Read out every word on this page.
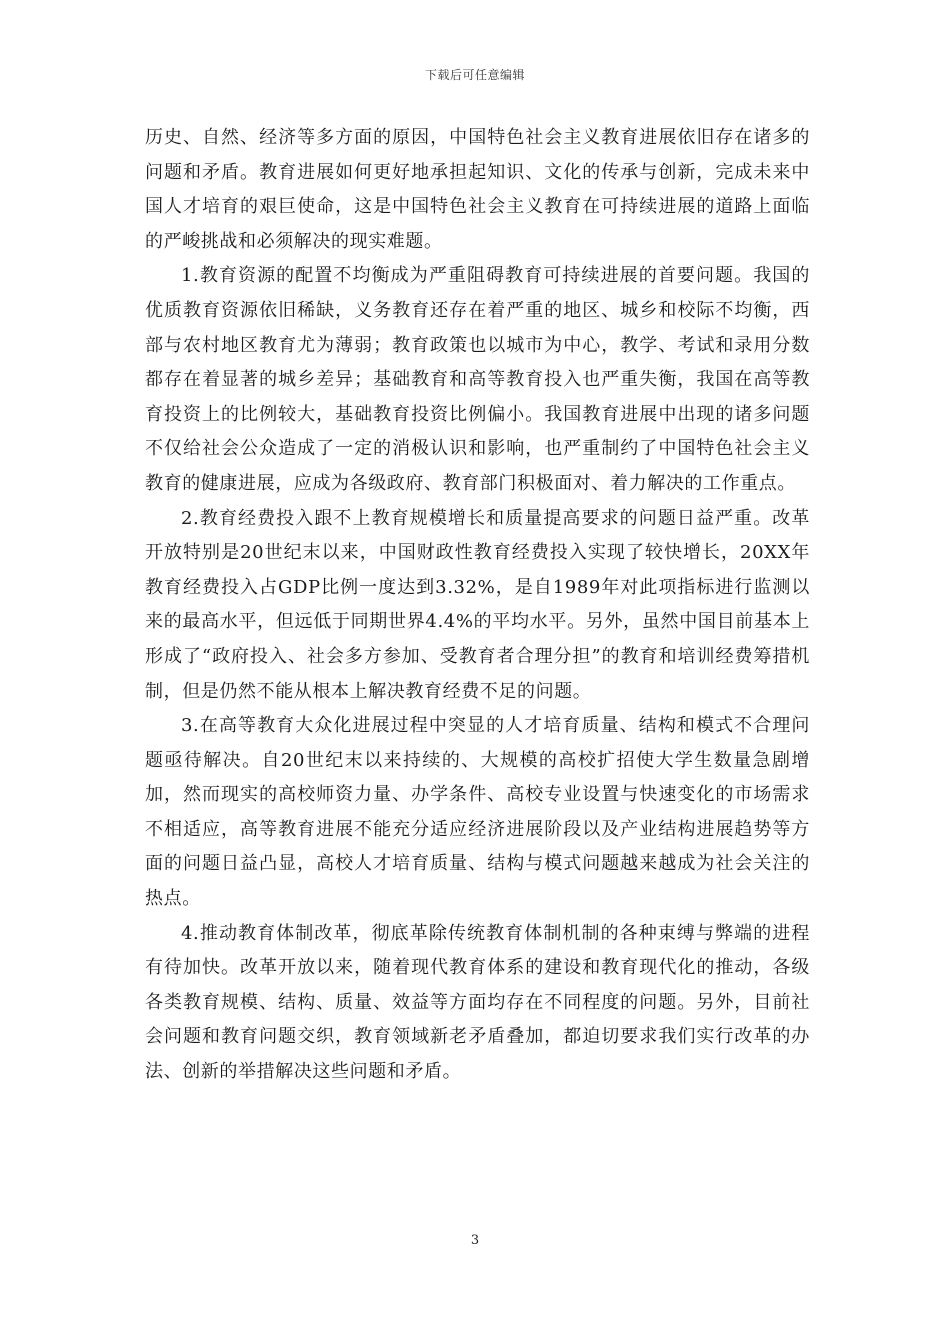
下载后可任意编辑

历史、自然、经济等多方面的原因，中国特色社会主义教育进展依旧存在诸多的问题和矛盾。教育进展如何更好地承担起知识、文化的传承与创新，完成未来中国人才培育的艰巨使命，这是中国特色社会主义教育在可持续进展的道路上面临的严峻挑战和必须解决的现实难题。

1.教育资源的配置不均衡成为严重阻碍教育可持续进展的首要问题。我国的优质教育资源依旧稀缺，义务教育还存在着严重的地区、城乡和校际不均衡，西部与农村地区教育尤为薄弱；教育政策也以城市为中心，教学、考试和录用分数都存在着显著的城乡差异；基础教育和高等教育投入也严重失衡，我国在高等教育投资上的比例较大，基础教育投资比例偏小。我国教育进展中出现的诸多问题不仅给社会公众造成了一定的消极认识和影响，也严重制约了中国特色社会主义教育的健康进展，应成为各级政府、教育部门积极面对、着力解决的工作重点。

2.教育经费投入跟不上教育规模增长和质量提高要求的问题日益严重。改革开放特别是20世纪末以来，中国财政性教育经费投入实现了较快增长，20XX年教育经费投入占GDP比例一度达到3.32%，是自1989年对此项指标进行监测以来的最高水平，但远低于同期世界4.4%的平均水平。另外，虽然中国目前基本上形成了“政府投入、社会多方参加、受教育者合理分担”的教育和培训经费筹措机制，但是仍然不能从根本上解决教育经费不足的问题。

3.在高等教育大众化进展过程中突显的人才培育质量、结构和模式不合理问题亟待解决。自20世纪末以来持续的、大规模的高校扩招使大学生数量急剧增加，然而现实的高校师资力量、办学条件、高校专业设置与快速变化的市场需求不相适应，高等教育进展不能充分适应经济进展阶段以及产业结构进展趋势等方面的问题日益凸显，高校人才培育质量、结构与模式问题越来越成为社会关注的热点。

4.推动教育体制改革，彻底革除传统教育体制机制的各种束缚与弊端的进程有待加快。改革开放以来，随着现代教育体系的建设和教育现代化的推动，各级各类教育规模、结构、质量、效益等方面均存在不同程度的问题。另外，目前社会问题和教育问题交织，教育领域新老矛盾叠加，都迫切要求我们实行改革的办法、创新的举措解决这些问题和矛盾。

3
